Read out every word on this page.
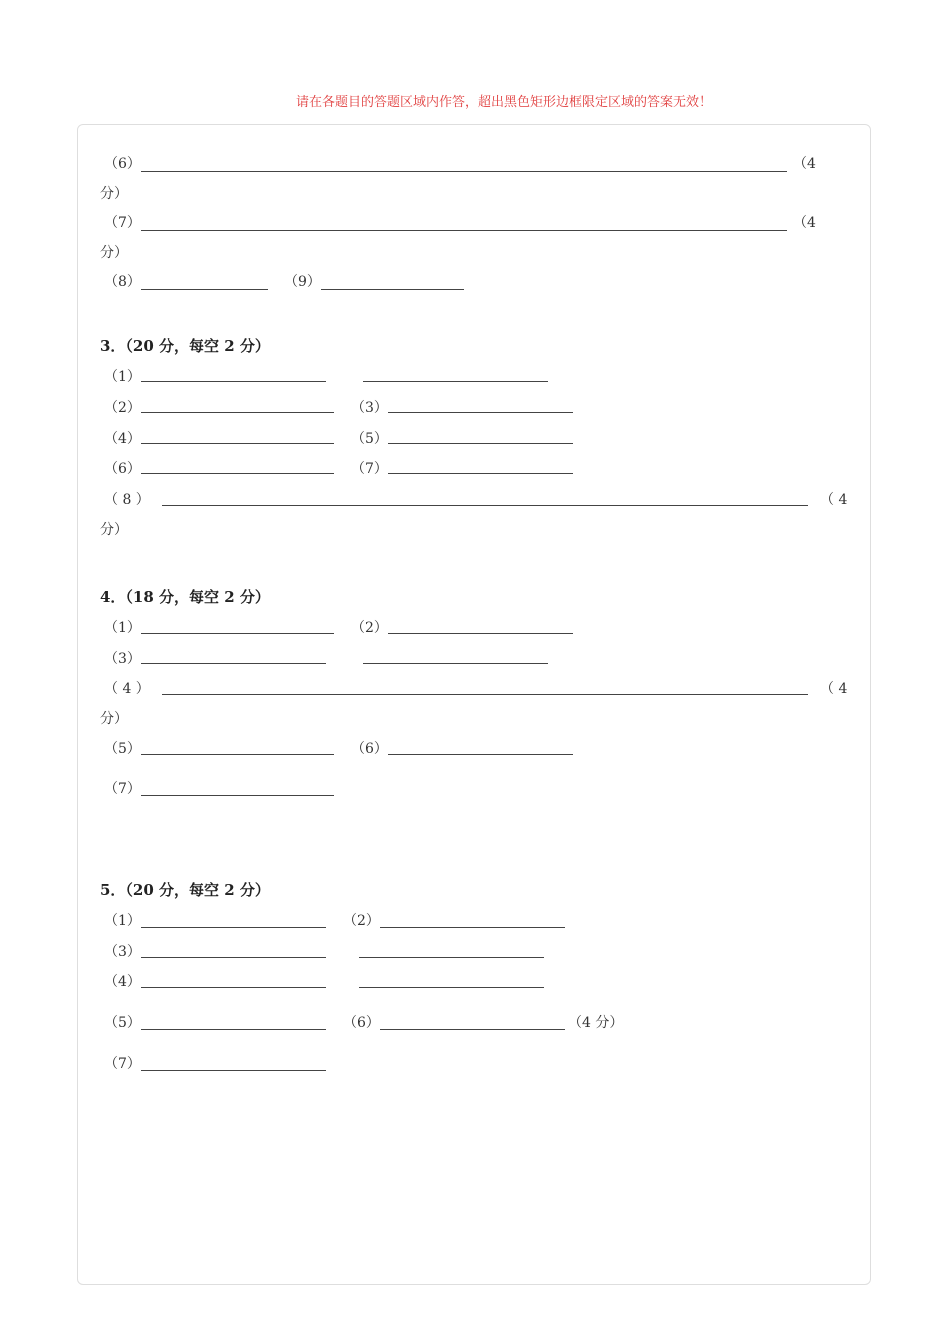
请在各题目的答题区域内作答，超出黑色矩形边框限定区域的答案无效！
（6）	（4
分）
（7）	（4
分）
（8）	（9）
3．（20 分，每空 2 分）
（1）
（2）	（3）
（4）	（5）
（6）	（7）
（ 8 ）	（ 4
分）
4．（18 分，每空 2 分）
（1）	（2）
（3）
（ 4 ）	（ 4
分）
（5）	（6）
（7）
5．（20 分，每空 2 分）
（1）	（2）
（3）
（4）
（5）	（6）	（4 分）
（7）
